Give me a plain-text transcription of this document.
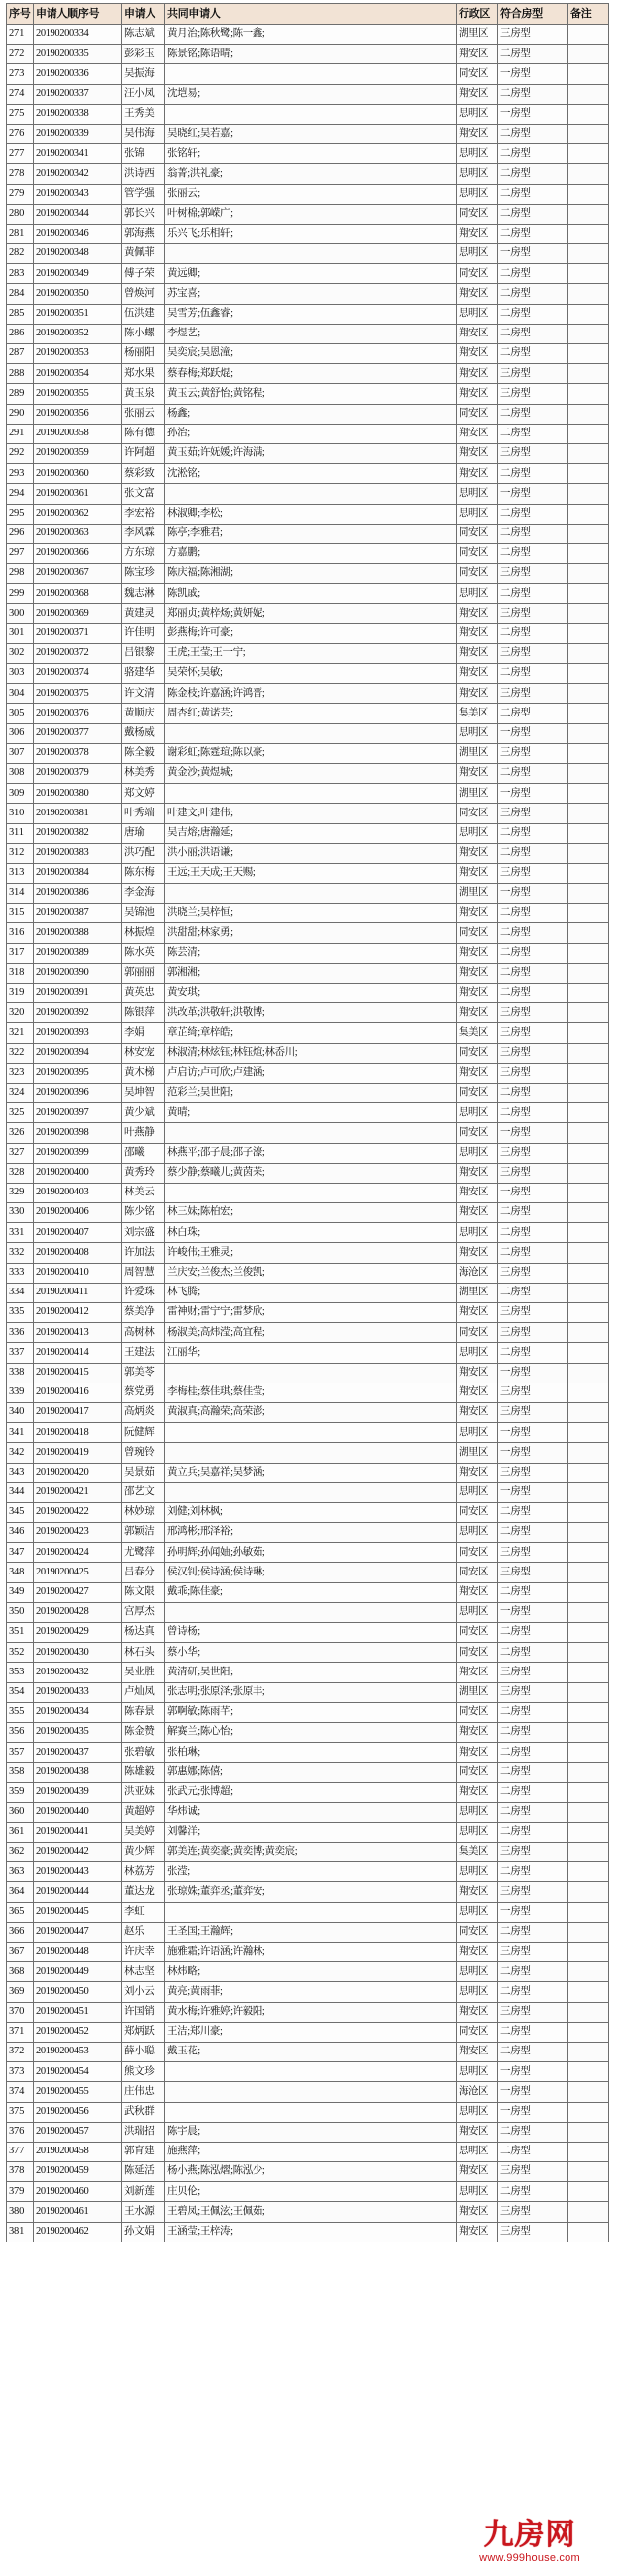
序号	申请人顺序号	申请人	共同申请人	行政区	符合房型	备注
271	20190200334	陈志斌	黄月治;陈秋鹭;陈一鑫;	湖里区	三房型	
272	20190200335	彭彩玉	陈景铭;陈语晴;	翔安区	二房型	
273	20190200336	吴振海		同安区	一房型	
274	20190200337	汪小凤	沈垲易;	翔安区	二房型	
275	20190200338	王秀美		思明区	一房型	
276	20190200339	吴伟海	吴晓红;吴若嘉;	翔安区	二房型	
277	20190200341	张锦	张铭轩;	思明区	二房型	
278	20190200342	洪诗西	翁菁;洪礼豪;	思明区	二房型	
279	20190200343	管学强	张丽云;	思明区	二房型	
280	20190200344	郭长兴	叶树棉;郭嵘广;	同安区	二房型	
281	20190200346	郭海燕	乐兴飞;乐相轩;	翔安区	二房型	
282	20190200348	黄佩菲		思明区	一房型	
283	20190200349	傅子荣	黄远卿;	同安区	二房型	
284	20190200350	曾焕河	苏宝喜;	翔安区	二房型	
285	20190200351	伍洪建	吴雪芳;伍鑫睿;	思明区	二房型	
286	20190200352	陈小螺	李煜艺;	翔安区	二房型	
287	20190200353	杨丽阳	吴奕宸;吴恩潼;	翔安区	二房型	
288	20190200354	郑水果	蔡春梅;郑跃焜;	翔安区	三房型	
289	20190200355	黄玉泉	黄玉云;黄舒怡;黄铭程;	翔安区	三房型	
290	20190200356	张丽云	杨鑫;	同安区	二房型	
291	20190200358	陈有德	孙治;	翔安区	二房型	
292	20190200359	许阿超	黄玉茹;许妩媛;许海满;	翔安区	三房型	
293	20190200360	蔡彩致	沈淞铭;	翔安区	二房型	
294	20190200361	张文富		思明区	一房型	
295	20190200362	李宏裕	林淑卿;李松;	思明区	二房型	
296	20190200363	李风霖	陈亭;李雅君;	同安区	二房型	
297	20190200366	方东琼	方嘉鹏;	同安区	二房型	
298	20190200367	陈宝珍	陈庆福;陈湘湖;	同安区	三房型	
299	20190200368	魏志淋	陈凯戚;	思明区	二房型	
300	20190200369	黄建灵	郑丽贞;黄梓炀;黄妍妮;	翔安区	三房型	
301	20190200371	许佳明	彭燕梅;许可豪;	翔安区	二房型	
302	20190200372	吕银黎	王虎;王莹;王一宁;	翔安区	三房型	
303	20190200374	骆建华	吴荣怀;吴敏;	翔安区	二房型	
304	20190200375	许文清	陈金枝;许嘉涵;许鸿晋;	翔安区	三房型	
305	20190200376	黄顺庆	周杏红;黄诺芸;	集美区	二房型	
306	20190200377	戴杨威		思明区	一房型	
307	20190200378	陈全毅	谢彩虹;陈霆瑄;陈以豪;	湖里区	三房型	
308	20190200379	林美秀	黄金沙;黄煜城;	翔安区	二房型	
309	20190200380	郑文婷		湖里区	一房型	
310	20190200381	叶秀端	叶建文;叶建伟;	同安区	三房型	
311	20190200382	唐瑜	吴吉熔;唐瀚延;	思明区	二房型	
312	20190200383	洪巧配	洪小丽;洪语谦;	翔安区	二房型	
313	20190200384	陈东梅	王远;王天成;王天赐;	翔安区	三房型	
314	20190200386	李金海		湖里区	一房型	
315	20190200387	吴锦池	洪晓兰;吴梓恒;	翔安区	二房型	
316	20190200388	林振煌	洪甜甜;林家勇;	同安区	二房型	
317	20190200389	陈水英	陈芸清;	翔安区	二房型	
318	20190200390	郭丽丽	郭湘湘;	翔安区	二房型	
319	20190200391	黄英忠	黄安琪;	翔安区	二房型	
320	20190200392	陈银萍	洪改革;洪敬轩;洪敬博;	翔安区	三房型	
321	20190200393	李娟	章芷绮;章梓皓;	集美区	三房型	
322	20190200394	林安宠	林淑清;林炫钰;林钰煊;林岙川;	同安区	三房型	
323	20190200395	黄木梯	卢启访;卢可欣;卢建涵;	翔安区	三房型	
324	20190200396	吴坤智	范彩兰;吴世阳;	同安区	二房型	
325	20190200397	黄少斌	黄晴;	思明区	二房型	
326	20190200398	叶燕静		同安区	一房型	
327	20190200399	邵曦	林燕平;邵子晨;邵子濠;	思明区	三房型	
328	20190200400	黄秀玲	蔡少静;蔡曦儿;黄茵苿;	翔安区	三房型	
329	20190200403	林美云		翔安区	一房型	
330	20190200406	陈少铭	林三妹;陈柏宏;	翔安区	二房型	
331	20190200407	刘宗盛	林白珠;	思明区	二房型	
332	20190200408	许加法	许峻伟;王雅灵;	翔安区	二房型	
333	20190200410	周智慧	兰庆安;兰俊杰;兰俊凯;	海沧区	三房型	
334	20190200411	许爱珠	林飞腾;	湖里区	二房型	
335	20190200412	蔡美净	雷神财;雷宁宁;雷梦欣;	翔安区	三房型	
336	20190200413	高树林	杨淑美;高炜滢;高宜程;	同安区	三房型	
337	20190200414	王建法	江丽华;	思明区	二房型	
338	20190200415	郭美苓		翔安区	一房型	
339	20190200416	蔡党勇	李梅桂;蔡佳琪;蔡佳莹;	翔安区	三房型	
340	20190200417	高炳炎	黄淑真;高瀚荣;高荣澎;	翔安区	三房型	
341	20190200418	阮健辉		思明区	一房型	
342	20190200419	曾琬铃		湖里区	一房型	
343	20190200420	吴景茹	黄立兵;吴嘉祥;吴梦涵;	翔安区	三房型	
344	20190200421	邵艺文		思明区	一房型	
345	20190200422	林妙琼	刘健;刘林枫;	同安区	二房型	
346	20190200423	郭颖洁	邢鸿彬;邢泽裕;	思明区	二房型	
347	20190200424	尤鹭萍	孙明辉;孙闻妯;孙敏茹;	同安区	三房型	
348	20190200425	吕春分	侯汉钊;侯诗涵;侯诗琳;	同安区	三房型	
349	20190200427	陈文限	戴乖;陈佳豪;	翔安区	二房型	
350	20190200428	宫厚杰		思明区	一房型	
351	20190200429	杨达真	曾诗杨;	同安区	二房型	
352	20190200430	林石头	蔡小华;	同安区	二房型	
353	20190200432	吴业胜	黄清研;吴世阳;	翔安区	三房型	
354	20190200433	卢灿凤	张志明;张原泽;张原丰;	湖里区	三房型	
355	20190200434	陈春景	郭啊敏;陈雨芊;	同安区	二房型	
356	20190200435	陈金赞	解赛兰;陈心怡;	翔安区	二房型	
357	20190200437	张碧敏	张柏琳;	翔安区	二房型	
358	20190200438	陈雄毅	郭惠娜;陈僖;	同安区	二房型	
359	20190200439	洪亚妹	张武元;张博超;	翔安区	二房型	
360	20190200440	黄超婷	华炜诚;	思明区	二房型	
361	20190200441	吴美婷	刘馨洋;	思明区	二房型	
362	20190200442	黄少辉	郭美连;黄奕豪;黄奕博;黄奕宸;	集美区	三房型	
363	20190200443	林荔芳	张滢;	思明区	二房型	
364	20190200444	董达龙	张琼姝;董弈丞;董弈安;	翔安区	三房型	
365	20190200445	李虹		思明区	一房型	
366	20190200447	赵乐	王圣国;王瀚辉;	同安区	二房型	
367	20190200448	许庆幸	施雅霜;许语涵;许瀚林;	翔安区	三房型	
368	20190200449	林志坚	林炜略;	思明区	二房型	
369	20190200450	刘小云	黄亮;黄雨菲;	思明区	二房型	
370	20190200451	许国销	黄水梅;许雅婷;许毅阳;	翔安区	三房型	
371	20190200452	郑炳跃	王洁;郑川豪;	同安区	二房型	
372	20190200453	薛小聪	戴玉花;	翔安区	二房型	
373	20190200454	熊文珍		思明区	一房型	
374	20190200455	庄伟忠		海沧区	一房型	
375	20190200456	武秋群		思明区	一房型	
376	20190200457	洪瑞招	陈宇晨;	翔安区	二房型	
377	20190200458	郭育建	施燕萍;	思明区	二房型	
378	20190200459	陈延活	杨小燕;陈泓熠;陈泓少;	翔安区	三房型	
379	20190200460	刘新莲	庄贝伦;	思明区	二房型	
380	20190200461	王水源	王碧凤;王佩泫;王佩茹;	翔安区	三房型	
381	20190200462	孙文娟	王涵莹;王梓涛;	翔安区	三房型	
九房网
www.999house.com
